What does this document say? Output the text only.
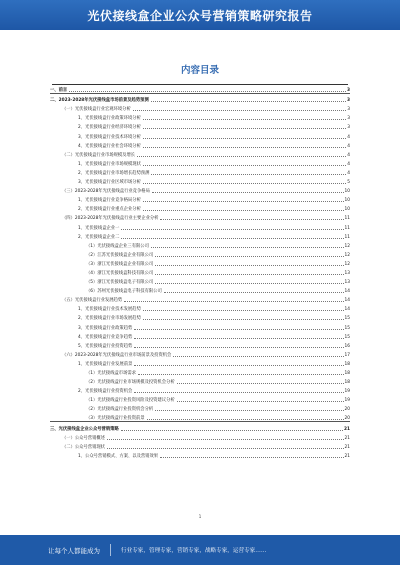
光伏接线盒企业公众号营销策略研究报告
内容目录
一、前言	3
二、2023-2028年光伏接线盒市场前景及趋势预测	3
（一）光伏接线盒行业宏观环境分析	3
1、光伏接线盒行业政策环境分析	3
2、光伏接线盒行业经济环境分析	3
3、光伏接线盒行业技术环境分析	4
4、光伏接线盒行业社会环境分析	4
（二）光伏接线盒行业市场规模及增长	4
1、光伏接线盒行业市场规模现状	4
2、光伏接线盒行业市场增长趋势预测	4
3、光伏接线盒行业区域市场分析	5
（三）2023-2028年光伏接线盒行业竞争格局	10
1、光伏接线盒行业竞争格局分析	10
2、光伏接线盒行业重点企业分析	10
（四）2023-2028年光伏接线盒行业主要企业分析	11
1、光伏接线盒企业一	11
2、光伏接线盒企业二	11
（1）光伏接线盒企业三有限公司	12
（2）江苏光伏接线盒企业有限公司	12
（3）浙江光伏接线盒企业有限公司	12
（4）浙江光伏接线盒科技有限公司	13
（5）浙江光伏接线盒电子有限公司	13
（6）苏州光伏接线盒电子科技有限公司	14
（五）光伏接线盒行业发展趋势	14
1、光伏接线盒行业技术发展趋势	14
2、光伏接线盒行业市场发展趋势	15
3、光伏接线盒行业政策趋势	15
4、光伏接线盒行业竞争趋势	15
5、光伏接线盒行业投资趋势	16
（六）2023-2028年光伏接线盒行业市场前景及投资机会	17
1、光伏接线盒行业发展前景	18
（1）光伏接线盒市场需求	18
（2）光伏接线盒行业市场规模及投资机会分析	18
2、光伏接线盒行业投资机会	19
（1）光伏接线盒行业投资风险及投资建议分析	19
（2）光伏接线盒行业投资机会分析	20
（3）光伏接线盒行业投资前景	20
三、光伏接线盒企业公众号营销策略	21
（一）公众号营销概述	21
（二）公众号营销现状	21
1、公众号营销模式、方案、以及营销效果	21
1
让每个人都能成为	行业专家，管理专家，营销专家，战略专家，运营专家……
